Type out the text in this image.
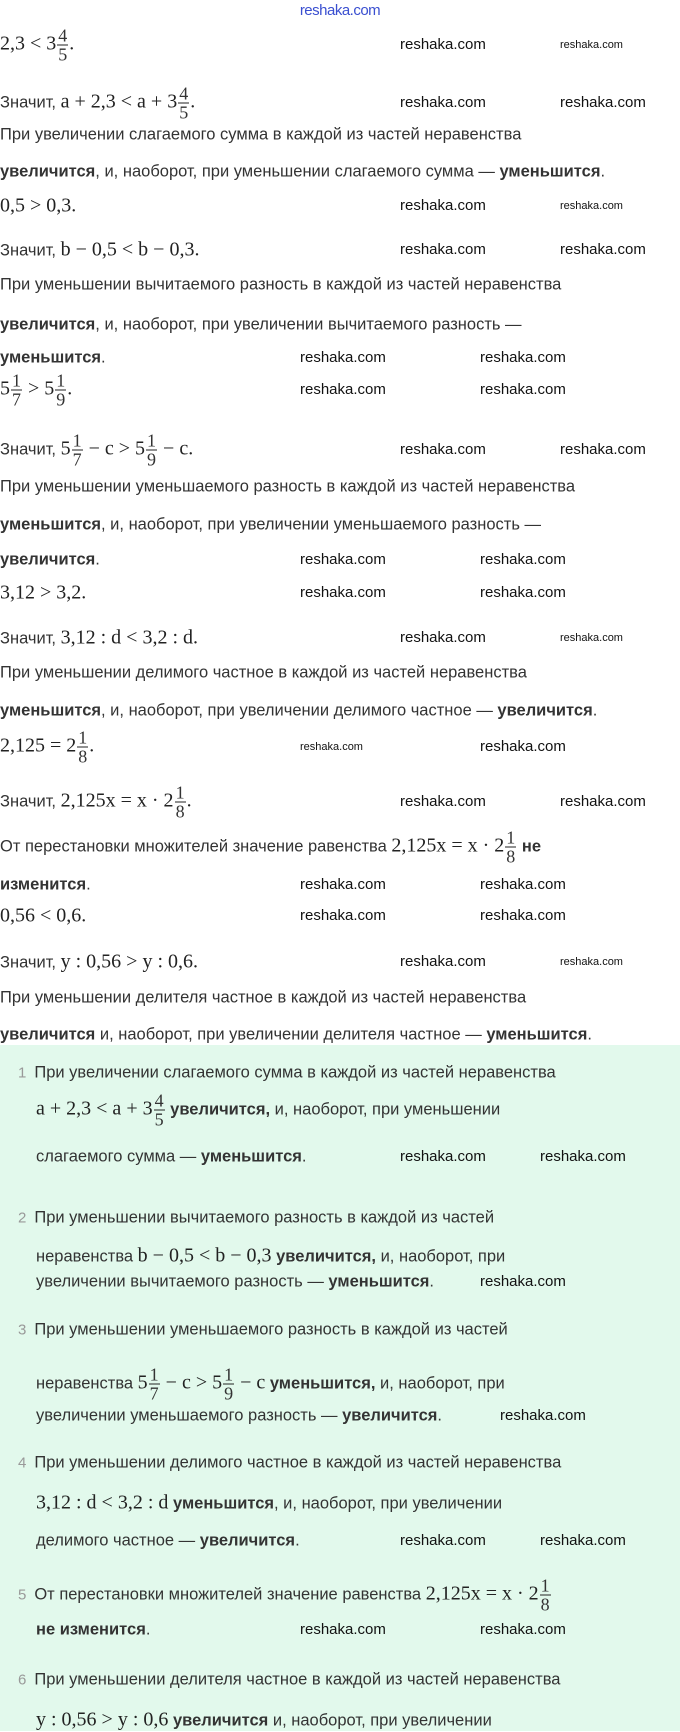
reshaka.com
$2,3 < 3 \frac{4}{5}$ .
Значит, $a + 2,3 < a + 3 \frac{4}{5}$ .
При увеличении слагаемого сумма в каждой из частей неравенства
увеличится, и, наоборот, при уменьшении слагаемого сумма — уменьшится.
0,5 > 0,3.
Значит, b − 0,5 < b − 0,3.
При уменьшении вычитаемого разность в каждой из частей неравенства
увеличится, и, наоборот, при увеличении вычитаемого разность —
уменьшится.
$5 \frac{1}{7} > 5 \frac{1}{9}$ .
Значит, $5 \frac{1}{7} - c > 5 \frac{1}{9} - c$.
При уменьшении уменьшаемого разность в каждой из частей неравенства
уменьшится, и, наоборот, при увеличении уменьшаемого разность —
увеличится.
3,12 > 3,2.
Значит, 3,12 : d < 3,2 : d.
При уменьшении делимого частное в каждой из частей неравенства
уменьшится, и, наоборот, при увеличении делимого частное — увеличится.
$2,125 = 2 \frac{1}{8}$ .
Значит, $2,125x = x \cdot 2 \frac{1}{8}$ .
От перестановки множителей значение равенства $2,125x = x \cdot 2 \frac{1}{8}$ не
изменится.
0,56 < 0,6.
Значит, y : 0,56 > y : 0,6.
При уменьшении делителя частное в каждой из частей неравенства
увеличится и, наоборот, при увеличении делителя частное — уменьшится.
1 При увеличении слагаемого сумма в каждой из частей неравенства
$a + 2,3 < a + 3 \frac{4}{5}$ увеличится, и, наоборот, при уменьшении
слагаемого сумма — уменьшится.
2 При уменьшении вычитаемого разность в каждой из частей
неравенства b − 0,5 < b − 0,3 увеличится, и, наоборот, при
увеличении вычитаемого разность — уменьшится.
3 При уменьшении уменьшаемого разность в каждой из частей
неравенства $5 \frac{1}{7} - c > 5 \frac{1}{9} - c$ уменьшится, и, наоборот, при
увеличении уменьшаемого разность — увеличится.
4 При уменьшении делимого частное в каждой из частей неравенства
3,12 : d < 3,2 : d уменьшится, и, наоборот, при увеличении
делимого частное — увеличится.
5 От перестановки множителей значение равенства $2,125x = x \cdot 2 \frac{1}{8}$
не изменится.
6 При уменьшении делителя частное в каждой из частей неравенства
y : 0,56 > y : 0,6 увеличится и, наоборот, при увеличении
reshaka.com	reshaka.com
reshaka.com	reshaka.com
reshaka.com	reshaka.com
reshaka.com	reshaka.com
reshaka.com	reshaka.com
reshaka.com	reshaka.com
reshaka.com	reshaka.com
reshaka.com	reshaka.com
reshaka.com	reshaka.com
reshaka.com	reshaka.com
reshaka.com	reshaka.com
reshaka.com	reshaka.com
reshaka.com	reshaka.com
reshaka.com	reshaka.com
reshaka.com	reshaka.com
reshaka.com	reshaka.com
reshaka.com
reshaka.com
reshaka.com	reshaka.com
reshaka.com	reshaka.com
